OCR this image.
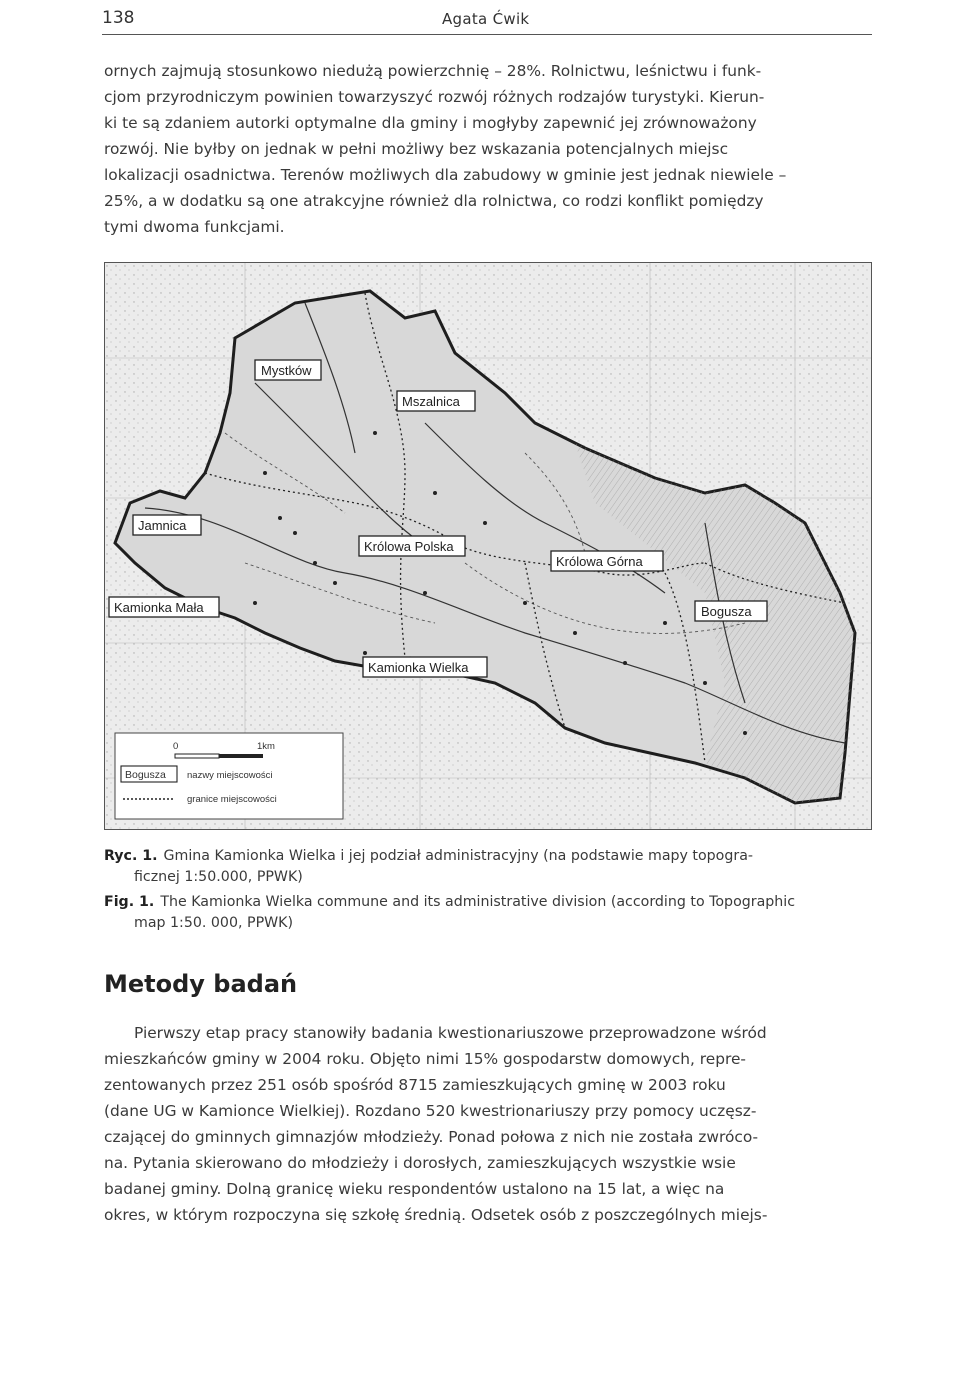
138	Agata Ćwik

ornych zajmują stosunkowo niedużą powierzchnię – 28%. Rolnictwu, leśnictwu i funk-
cjom przyrodniczym powinien towarzyszyć rozwój różnych rodzajów turystyki. Kierun-
ki te są zdaniem autorki optymalne dla gminy i mogłyby zapewnić jej zrównoważony
rozwój. Nie byłby on jednak w pełni możliwy bez wskazania potencjalnych miejsc
lokalizacji osadnictwa. Terenów możliwych dla zabudowy w gminie jest jednak niewiele –
25%, a w dodatku są one atrakcyjne również dla rolnictwa, co rodzi konflikt pomiędzy
tymi dwoma funkcjami.

Mystków
Mszalnica
Jamnica
Królowa Polska
Królowa Górna
Kamionka Mała	Bogusza
Kamionka Wielka
0	1km
Bogusza nazwy miejscowości
granice miejscowości
Ryc. 1. Gmina Kamionka Wielka i jej podział administracyjny (na podstawie mapy topogra-
ficznej 1:50.000, PPWK)
Fig. 1. The Kamionka Wielka commune and its administrative division (according to Topographic
map 1:50. 000, PPWK)
Metody badań

Pierwszy etap pracy stanowiły badania kwestionariuszowe przeprowadzone wśród
mieszkańców gminy w 2004 roku. Objęto nimi 15% gospodarstw domowych, repre-
zentowanych przez 251 osób spośród 8715 zamieszkujących gminę w 2003 roku
(dane UG w Kamionce Wielkiej). Rozdano 520 kwestrionariuszy przy pomocy uczęsz-
czającej do gminnych gimnazjów młodzieży. Ponad połowa z nich nie została zwróco-
na. Pytania skierowano do młodzieży i dorosłych, zamieszkujących wszystkie wsie
badanej gminy. Dolną granicę wieku respondentów ustalono na 15 lat, a więc na
okres, w którym rozpoczyna się szkołę średnią. Odsetek osób z poszczególnych miejs-
